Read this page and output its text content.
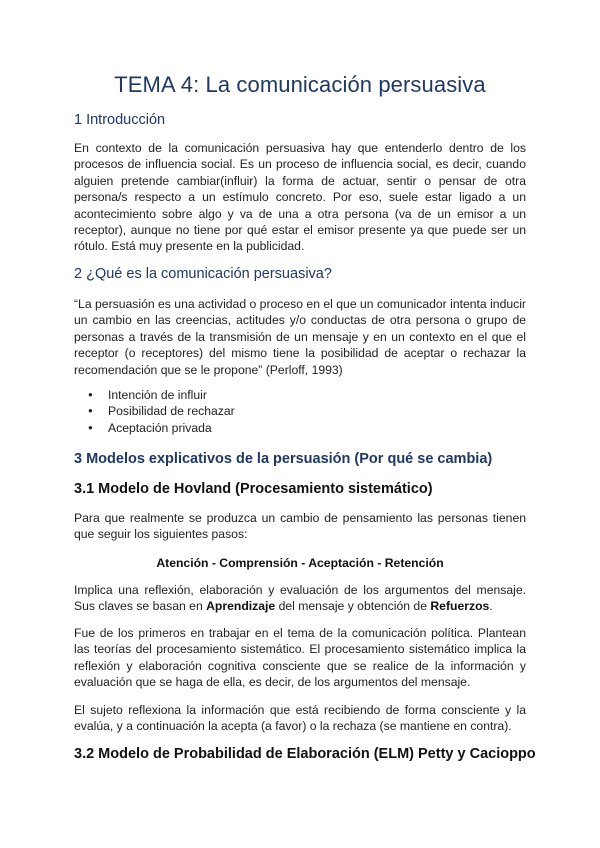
TEMA 4: La comunicación persuasiva
1 Introducción

En contexto de la comunicación persuasiva hay que entenderlo dentro de los procesos de influencia social. Es un proceso de influencia social, es decir, cuando alguien pretende cambiar(influir) la forma de actuar, sentir o pensar de otra persona/s respecto a un estímulo concreto. Por eso, suele estar ligado a un acontecimiento sobre algo y va de una a otra persona (va de un emisor a un receptor), aunque no tiene por qué estar el emisor presente ya que puede ser un rótulo. Está muy presente en la publicidad.

2 ¿Qué es la comunicación persuasiva?

“La persuasión es una actividad o proceso en el que un comunicador intenta inducir un cambio en las creencias, actitudes y/o conductas de otra persona o grupo de personas a través de la transmisión de un mensaje y en un contexto en el que el receptor (o receptores) del mismo tiene la posibilidad de aceptar o rechazar la recomendación que se le propone” (Perloff, 1993)

● Intención de influir
● Posibilidad de rechazar
● Aceptación privada
3 Modelos explicativos de la persuasión (Por qué se cambia)
3.1 Modelo de Hovland (Procesamiento sistemático)

Para que realmente se produzca un cambio de pensamiento las personas tienen que seguir los siguientes pasos:

Atención - Comprensión - Aceptación - Retención

Implica una reflexión, elaboración y evaluación de los argumentos del mensaje. Sus claves se basan en Aprendizaje del mensaje y obtención de Refuerzos.

Fue de los primeros en trabajar en el tema de la comunicación política. Plantean las teorías del procesamiento sistemático. El procesamiento sistemático implica la reflexión y elaboración cognitiva consciente que se realice de la información y evaluación que se haga de ella, es decir, de los argumentos del mensaje.

El sujeto reflexiona la información que está recibiendo de forma consciente y la evalúa, y a continuación la acepta (a favor) o la rechaza (se mantiene en contra).

3.2 Modelo de Probabilidad de Elaboración (ELM) Petty y Cacioppo
